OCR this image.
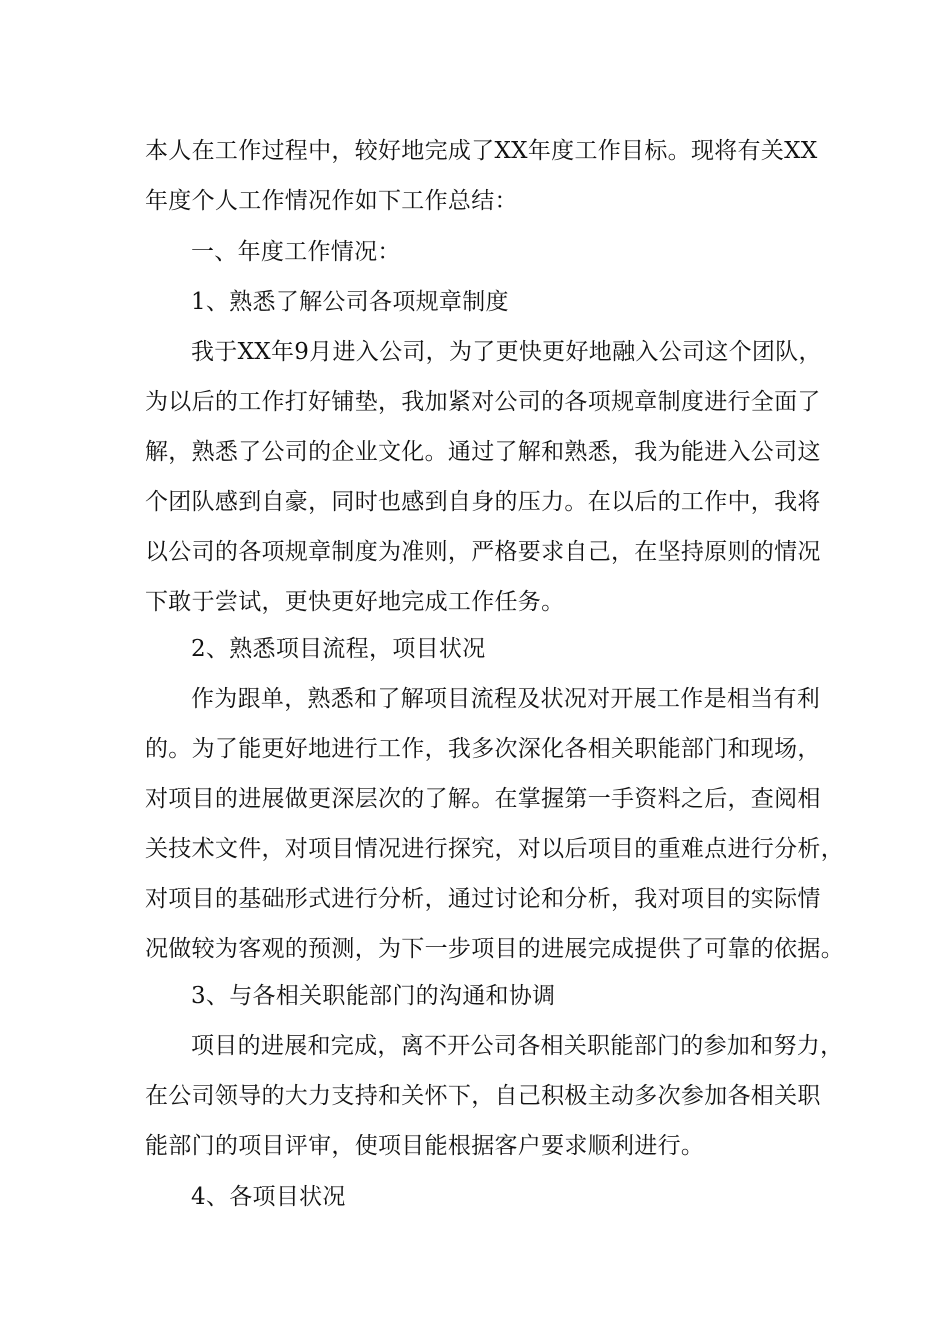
本人在工作过程中，较好地完成了XX年度工作目标。现将有关XX
年度个人工作情况作如下工作总结：

一、年度工作情况：

1、熟悉了解公司各项规章制度

我于XX年9月进入公司，为了更快更好地融入公司这个团队，
为以后的工作打好铺垫，我加紧对公司的各项规章制度进行全面了
解，熟悉了公司的企业文化。通过了解和熟悉，我为能进入公司这
个团队感到自豪，同时也感到自身的压力。在以后的工作中，我将
以公司的各项规章制度为准则，严格要求自己，在坚持原则的情况
下敢于尝试，更快更好地完成工作任务。

2、熟悉项目流程，项目状况

作为跟单，熟悉和了解项目流程及状况对开展工作是相当有利
的。为了能更好地进行工作，我多次深化各相关职能部门和现场，
对项目的进展做更深层次的了解。在掌握第一手资料之后，查阅相
关技术文件，对项目情况进行探究，对以后项目的重难点进行分析，
对项目的基础形式进行分析，通过讨论和分析，我对项目的实际情
况做较为客观的预测，为下一步项目的进展完成提供了可靠的依据。

3、与各相关职能部门的沟通和协调

项目的进展和完成，离不开公司各相关职能部门的参加和努力，
在公司领导的大力支持和关怀下，自己积极主动多次参加各相关职
能部门的项目评审，使项目能根据客户要求顺利进行。

4、各项目状况
